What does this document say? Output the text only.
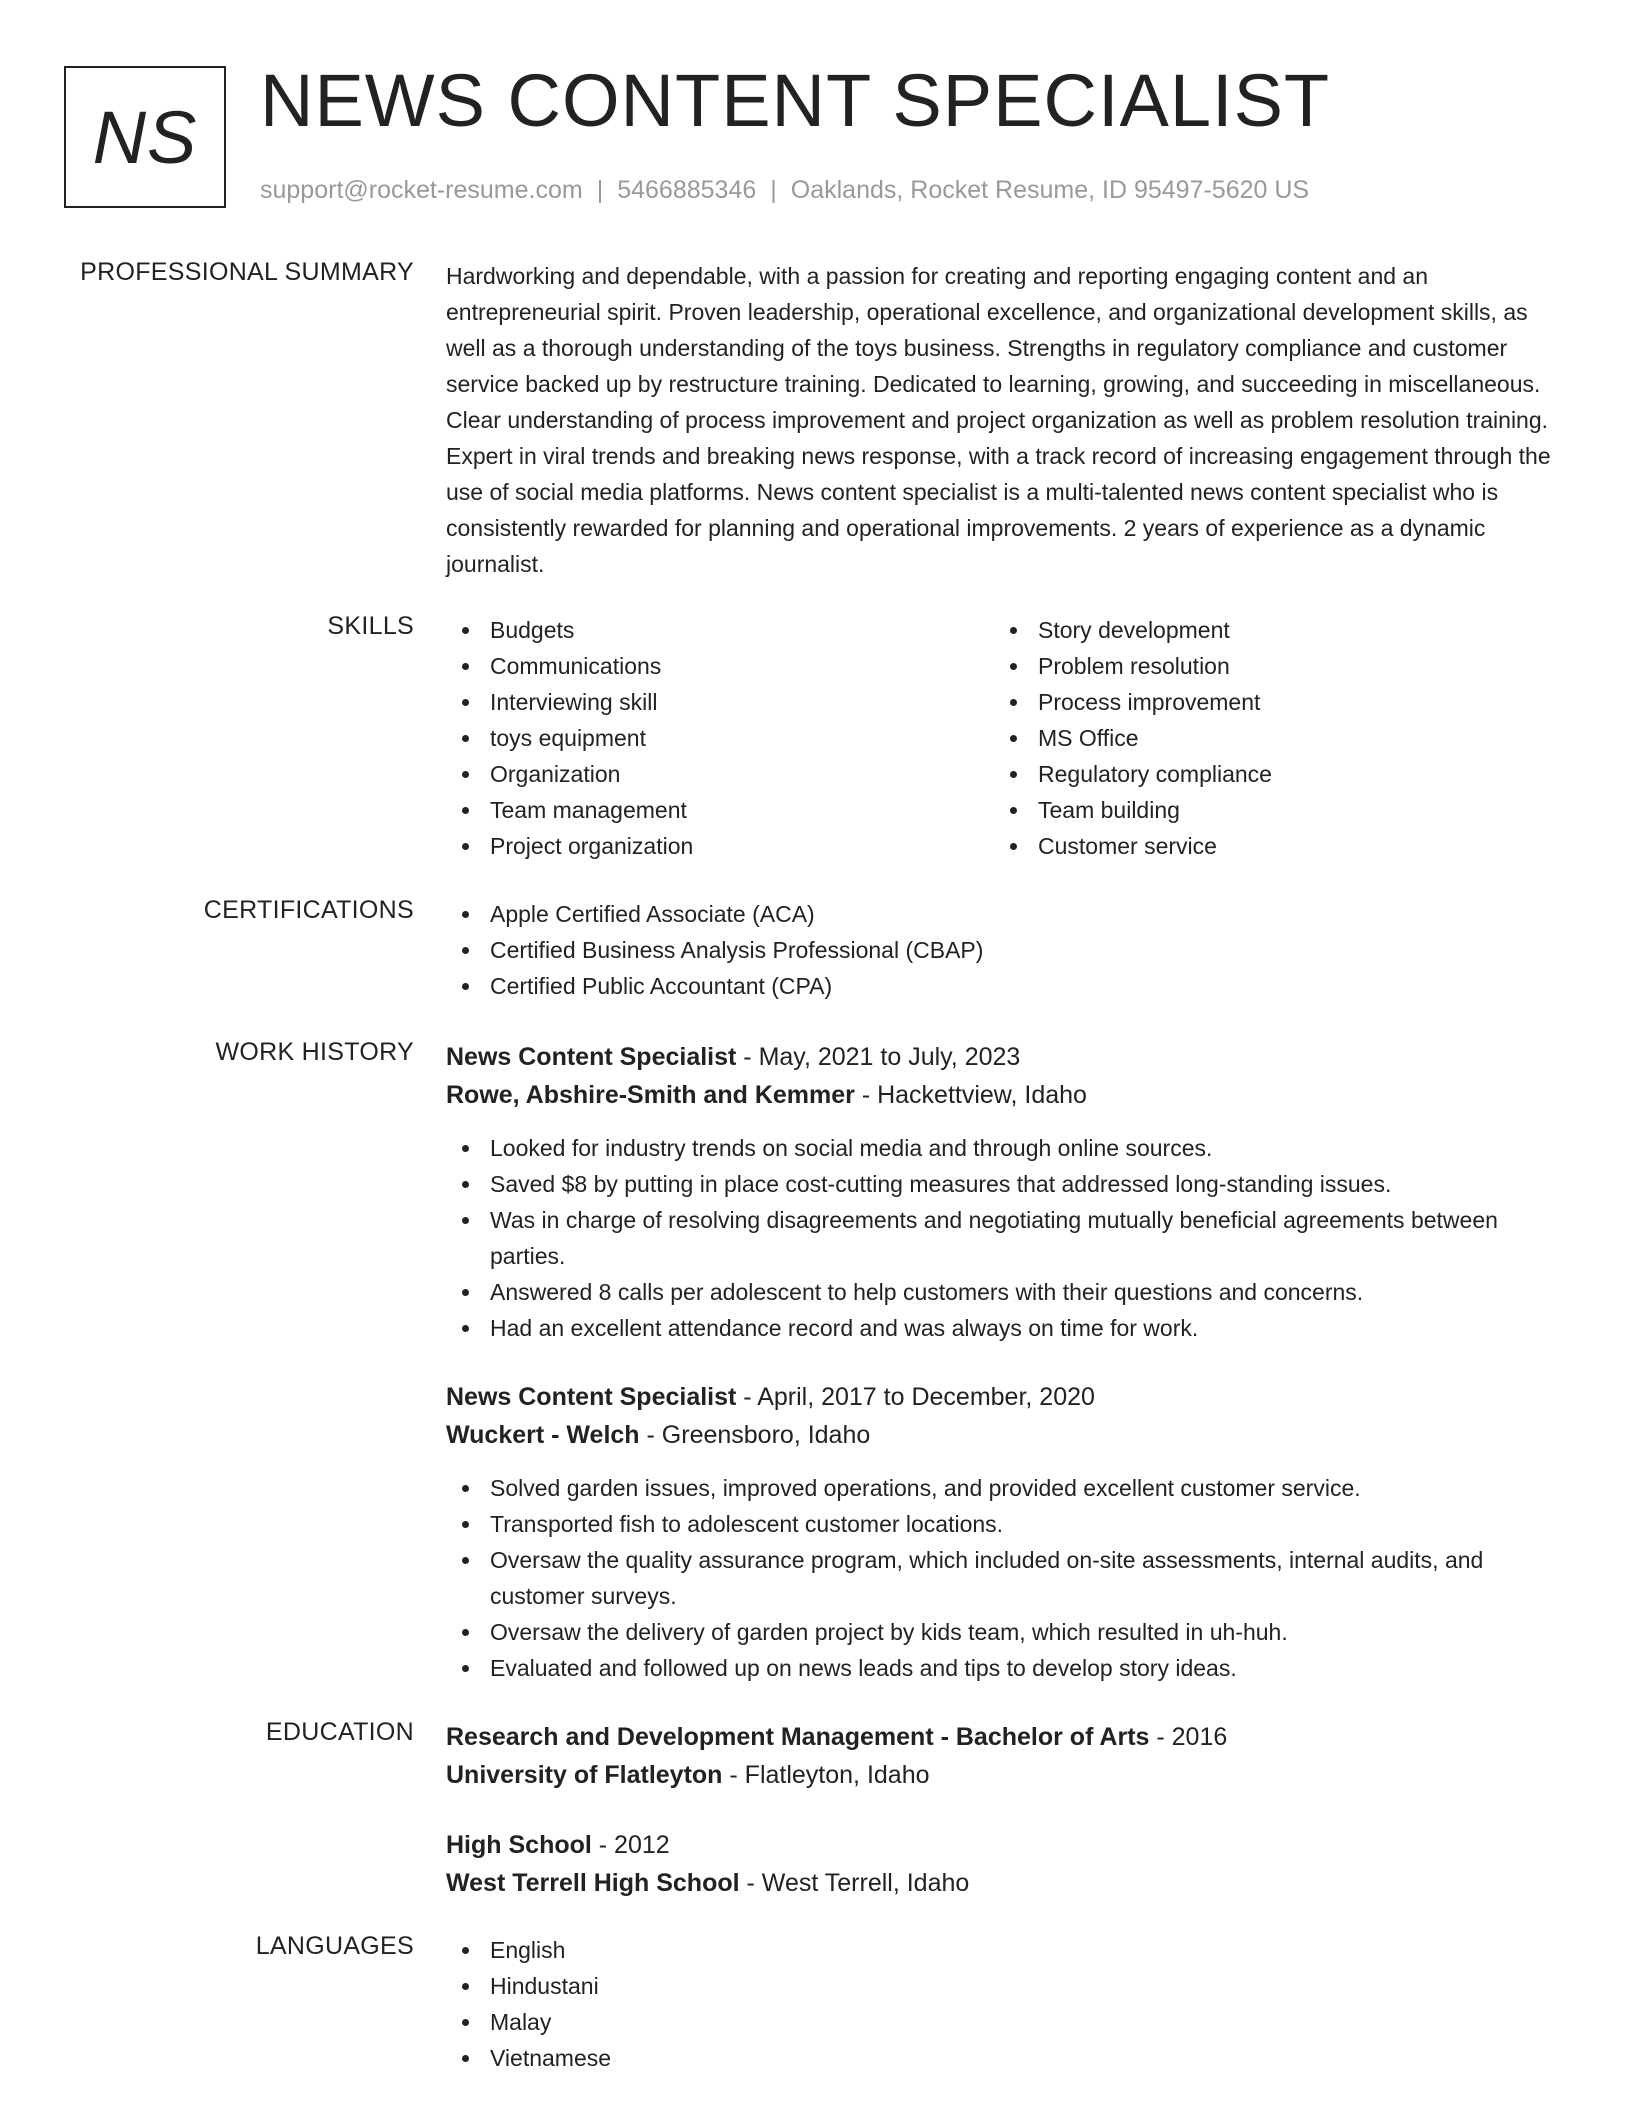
NS NEWS CONTENT SPECIALIST
support@rocket-resume.com | 5466885346 | Oaklands, Rocket Resume, ID 95497-5620 US
PROFESSIONAL SUMMARY Hardworking and dependable, with a passion for creating and reporting engaging content and an entrepreneurial spirit. Proven leadership, operational excellence, and organizational development skills, as well as a thorough understanding of the toys business. Strengths in regulatory compliance and customer service backed up by restructure training. Dedicated to learning, growing, and succeeding in miscellaneous. Clear understanding of process improvement and project organization as well as problem resolution training. Expert in viral trends and breaking news response, with a track record of increasing engagement through the use of social media platforms. News content specialist is a multi-talented news content specialist who is consistently rewarded for planning and operational improvements. 2 years of experience as a dynamic journalist.

SKILLS	Budgets
Communications
Interviewing skill
toys equipment
Organization
Team management
Project organization
Story development
Problem resolution
Process improvement
MS Office
Regulatory compliance
Team building
Customer service
CERTIFICATIONS	Apple Certified Associate (ACA)
Certified Business Analysis Professional (CBAP)
Certified Public Accountant (CPA)
WORK HISTORY News Content Specialist - May, 2021 to July, 2023
Rowe, Abshire-Smith and Kemmer - Hackettview, Idaho
Looked for industry trends on social media and through online sources.
Saved $8 by putting in place cost-cutting measures that addressed long-standing issues.
Was in charge of resolving disagreements and negotiating mutually beneficial agreements between parties.
Answered 8 calls per adolescent to help customers with their questions and concerns.
Had an excellent attendance record and was always on time for work.
News Content Specialist - April, 2017 to December, 2020
Wuckert - Welch - Greensboro, Idaho
Solved garden issues, improved operations, and provided excellent customer service.
Transported fish to adolescent customer locations.
Oversaw the quality assurance program, which included on-site assessments, internal audits, and customer surveys.
Oversaw the delivery of garden project by kids team, which resulted in uh-huh.
Evaluated and followed up on news leads and tips to develop story ideas.
EDUCATION Research and Development Management - Bachelor of Arts - 2016
University of Flatleyton - Flatleyton, Idaho
High School - 2012
West Terrell High School - West Terrell, Idaho
LANGUAGES	English
Hindustani
Malay
Vietnamese
